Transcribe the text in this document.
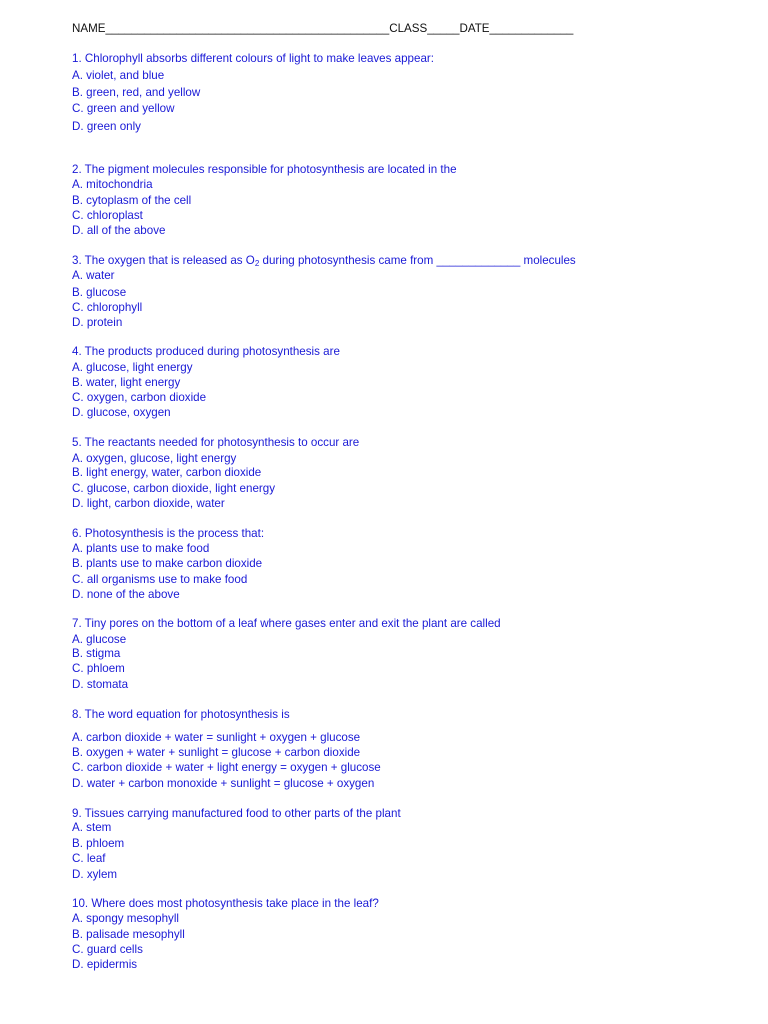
NAME____________________________________________CLASS_____DATE_____________
1. Chlorophyll absorbs different colours of light to make leaves appear:
A. violet, and blue
B. green, red, and yellow
C. green and yellow
D. green only
2. The pigment molecules responsible for photosynthesis are located in the
A. mitochondria
B. cytoplasm of the cell
C. chloroplast
D. all of the above
3. The oxygen that is released as $O_2$ during photosynthesis came from _____________ molecules
A. water
B. glucose
C. chlorophyll
D. protein
4. The products produced during photosynthesis are
A. glucose, light energy
B. water, light energy
C. oxygen, carbon dioxide
D. glucose, oxygen
5. The reactants needed for photosynthesis to occur are
A. oxygen, glucose, light energy
B. light energy, water, carbon dioxide
C. glucose, carbon dioxide, light energy
D. light, carbon dioxide, water
6. Photosynthesis is the process that:
A. plants use to make food
B. plants use to make carbon dioxide
C. all organisms use to make food
D. none of the above
7. Tiny pores on the bottom of a leaf where gases enter and exit the plant are called
A. glucose
B. stigma
C. phloem
D. stomata
8. The word equation for photosynthesis is
A. carbon dioxide + water = sunlight + oxygen + glucose
B. oxygen + water + sunlight = glucose + carbon dioxide
C. carbon dioxide + water + light energy = oxygen + glucose
D. water + carbon monoxide + sunlight = glucose + oxygen
9. Tissues carrying manufactured food to other parts of the plant
A. stem
B. phloem
C. leaf
D. xylem
10. Where does most photosynthesis take place in the leaf?
A. spongy mesophyll
B. palisade mesophyll
C. guard cells
D. epidermis
